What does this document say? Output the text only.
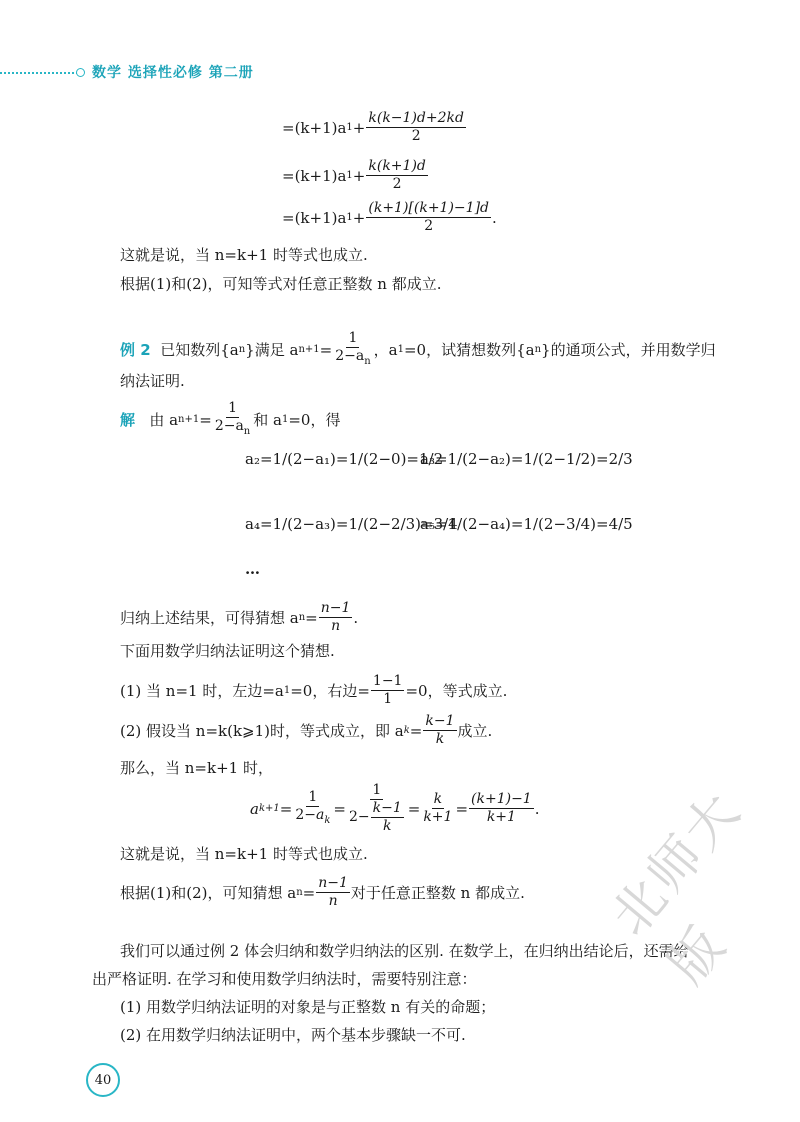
数学 选择性必修 第二册
=(k+1)a $1 + \frac{k(k-1)d+2kd}{2}$
=(k+1)a $1 + \frac{k(k+1)d}{2}$
=(k+1)a $1 + \frac{(k+1)[(k+1)-1]d}{2}$ .
这就是说，当 n=k+1 时等式也成立.
根据(1)和(2)，可知等式对任意正整数 n 都成立.
例 2
已知数列{a n }满足 a $n+1 = \frac{1}{2-a_n}$ ，a 1 =0，试猜想数列{a n }的通项公式，并用数学归
纳法证明.
解
由 a $n+1 = \frac{1}{2-a_n}$ 和 a 1 =0，得
a₂=1/(2−a₁)=1/(2−0)=1/2
a₃=1/(2−a₂)=1/(2−1/2)=2/3
a₄=1/(2−a₃)=1/(2−2/3)=3/4
a₅=1/(2−a₄)=1/(2−3/4)=4/5
…
归纳上述结果，可得猜想 a $n = \frac{n-1}{n}$ .
下面用数学归纳法证明这个猜想.
(1) 当 n=1 时，左边=a 1 =0，右边= $\frac{1-1}{1} =0$，等式成立.
(2) 假设当 n=k(k⩾1)时，等式成立，即 a $k = \frac{k-1}{k}$ 成立.
那么，当 n=k+1 时，
a $k+1 = \frac{1}{2-a_k} = \frac{1}{2- \frac{k-1}{k}} = \frac{k}{k+1} = \frac{(k+1)-1}{k+1}$ .
这就是说，当 n=k+1 时等式也成立.
根据(1)和(2)，可知猜想 a $n = \frac{n-1}{n}$ 对于任意正整数 n 都成立.
我们可以通过例 2 体会归纳和数学归纳法的区别. 在数学上，在归纳出结论后，还需给
出严格证明. 在学习和使用数学归纳法时，需要特别注意：
(1) 用数学归纳法证明的对象是与正整数 n 有关的命题；
(2) 在用数学归纳法证明中，两个基本步骤缺一不可.
40
北师大版
